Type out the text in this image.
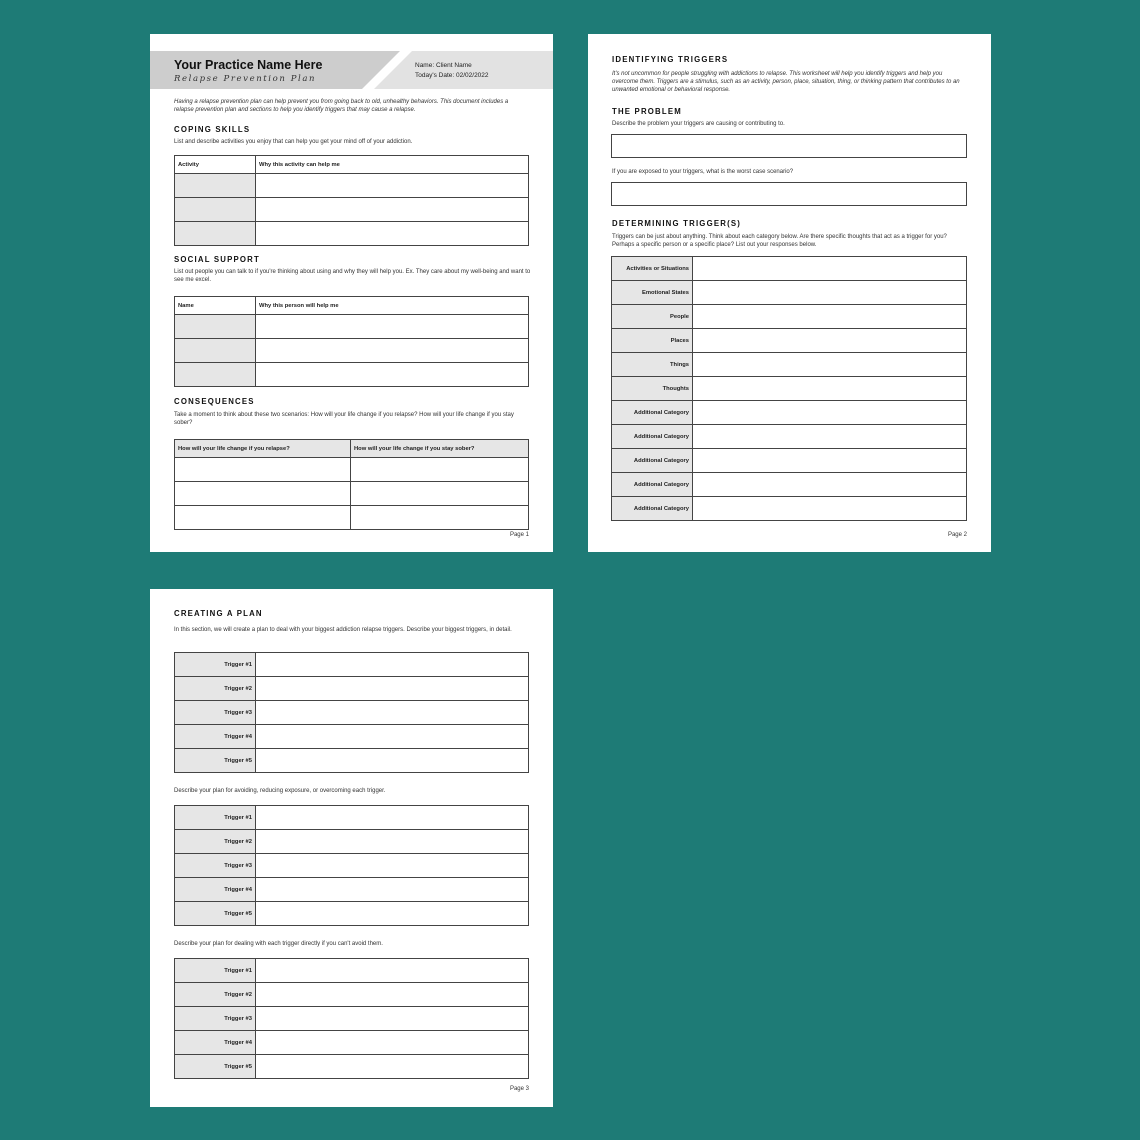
Your Practice Name Here
Relapse Prevention Plan
Name: Client Name
Today's Date: 02/02/2022
Having a relapse prevention plan can help prevent you from going back to old, unhealthy behaviors. This document includes a relapse prevention plan and sections to help you identify triggers that may cause a relapse.
COPING SKILLS
List and describe activities you enjoy that can help you get your mind off of your addiction.
Activity	Why this activity can help me

SOCIAL SUPPORT
List out people you can talk to if you're thinking about using and why they will help you. Ex. They care about my well-being and want to see me excel.
Name	Why this person will help me

CONSEQUENCES
Take a moment to think about these two scenarios: How will your life change if you relapse? How will your life change if you stay sober?
How will your life change if you relapse?	How will your life change if you stay sober?

Page 1
IDENTIFYING TRIGGERS
It's not uncommon for people struggling with addictions to relapse. This worksheet will help you identify triggers and help you overcome them. Triggers are a stimulus, such as an activity, person, place, situation, thing, or thinking pattern that contributes to an unwanted emotional or behavioral response.
THE PROBLEM
Describe the problem your triggers are causing or contributing to.
If you are exposed to your triggers, what is the worst case scenario?
DETERMINING TRIGGER(S)
Triggers can be just about anything. Think about each category below. Are there specific thoughts that act as a trigger for you? Perhaps a specific person or a specific place? List out your responses below.
Activities or Situations	
Emotional States	
People	
Places	
Things	
Thoughts	
Additional Category	
Additional Category	
Additional Category	
Additional Category	
Additional Category	
Page 2
CREATING A PLAN
In this section, we will create a plan to deal with your biggest addiction relapse triggers. Describe your biggest triggers, in detail.
Trigger #1	
Trigger #2	
Trigger #3	
Trigger #4	
Trigger #5	
Describe your plan for avoiding, reducing exposure, or overcoming each trigger.
Trigger #1	
Trigger #2	
Trigger #3	
Trigger #4	
Trigger #5	
Describe your plan for dealing with each trigger directly if you can't avoid them.
Trigger #1	
Trigger #2	
Trigger #3	
Trigger #4	
Trigger #5	
Page 3
